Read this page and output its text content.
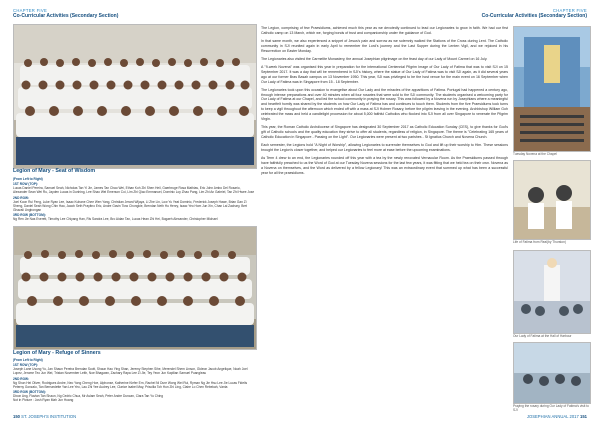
CHAPTER FIVE
Co-Curricular Activities (Secondary Section)
CHAPTER FIVE
Co-Curricular Activities (Secondary Section)
Legion of Mary - Seat of Wisdom
(From Left to Right)
1ST ROW (TOP):
Lucas Daniel Pereira, Samuel Seah, Nicholas Tan Yi Jie, James Tan Chao Wei, Ethan Koh Zhi Shen Heil, Gaerbruge Rosa Mathias, Eric John Ambo Del Rosario, Alexander Sean Wei Ru, Jayden Lucas in Dunhing, Lee Shao Wei Emerson Coi, Lim Zhi Qiao Emmanuel, Dominic Loy Zhao Pang, Lim Zhi An Gabriel, Tan Zhi Hwee Jose
2ND ROW:
Joel Koon Rui Feng, Luke Ryan Lee, Isaac Kuhane Chee Wen Yang, Christian Jerard Wijaya, Li Zhe Lin, Low Yu Yeat Dominic, Frederick Joseph Hawe, Brian Gan Zi Sheng, Daniel Seah Wong Chin Hao, Jacob Seth Prayitno Eric, Andre Gavin Tiow Chongkie, Brendan Neth Hu Henry, Isaac Yeo Hom Jun Xin, Chan Lai Zachary, Bret Ghazali Ungbongan
3RD ROW (BOTTOM):
Ng Ren Jie Nas Everett, Timothy Lee Chiyang Han, Ris Sandra Lee, Bro Aidan Tan, Lucas Hean Zhi Hei, Bogaeh Alexander, Christopher Michael
Legion of Mary - Refuge of Sinners
(From Left to Right)
1ST ROW (TOP):
Joseph Lane Usong Yu, Jan Shaun Pereira Brendan Scott, Shaun Hao Ying Shan, Jeremy Stephen Sihe, Merendel Shem Linson, Gideon Jacob Angelique, Noah Joel Lopez, Jerome Teo Jun Wei, Tristan November Leith, Noe Bhagwan, Zachary Rapa Lee Zi Jie, Tey Yeon Jun Kapilian Samuel Puangleau
2ND ROW:
Ng Shun Hei Oliver, Rodrigues Andre, Neo Yong Cheng Hoe, Alphonse, Katherine Kiefer Ern, Rachel Ni Dure Wong Wei Rui, Ryman Ng Jie Hsu Lee Jie Lucas Fidelis Peterny Gonzalo, Tan Bernardette Yan Lee Yeo, Lau Zhi Yee Audrey Lee, Clarice Isabel May, Priscilla Toh Hun Zhi Ling, Claire Lo Chen Rebekah, Vanta
3RD ROW (BOTTOM):
Dixon Ang, Flavian Tan Shaun, Ng Cedric Chua, Mr Aslam Seah, Peter Andre Duncan, Clara Tan Yu Ching
Not in Picture : Josh Ryan Mah Jun Huang

The Legion, comprising of few Praesidiums, achieved much this year as we devotedly continued to lead our Legionaries to grow in faith. We had our first Catholic camp on 13 March, which we, forging bonds of trust and companionship under the guidance of God.

In that same month, we also experienced a snippet of Jesus's pain and sorrow as we solemnly walked the Stations of the Cross during Lent. The Catholic community in SJI reunited again in early April to remember the Lord's journey and the Last Supper during the Lenten Vigil, and we rejoiced in his Resurrection on Easter Monday.

The Legionaries also visited the Carmelite Monastery, the annual Josephian pilgrimage on the feast day of our Lady of Mount Carmel on 16 July.

A "9-week Novena" was organised this year in preparation for the international Centennial Pilgrim Image of Our Lady of Fatima that was to visit SJI on 15 September 2017. It was a day that will be remembered in SJI's history, where the statue of Our Lady of Fatima was to visit SJI again, as it did several years ago at our former Bras Basah campus on 13 November 1950. This year, SJI was privileged to be the host venue for the main event on 16 September when Our Lady of Fatima was in Singapore from 15 - 18 September.

The Legionaries took upon this occasion to evangelise about Our Lady and the miracles of the apparitions of Fatima. Portugal had happened a century ago, through intense preparations and over 40 minutes when all four rosaries that were sold to the SJI community. The students organised a welcoming party for Our Lady of Fatima at our Chapel, and led the school community in praying the rosary. This was followed by a Novena run by Josephians where a meaningful and heartfelt homily was shared by the students on how Our Lady of Fatima has and continues to touch them. Students from the five Praesidiums took turns to keep a vigil throughout the afternoon which ended off with a mass at SJI Holmer Rosary, before the pilgrim leaving in the evening. Archbishop William Goh celebrated the mass and held a candlelight procession for about 5,000 faithful Catholics who flocked into SJI from all over Singapore to venerate the Pilgrim Virgin.

This year, the Roman Catholic Archdiocese of Singapore has designated 30 September 2017 as Catholic Education Sunday (CES), to give thanks for God's gift of Catholic schools and the quality education they strive to offer all students, regardless of religion, in Singapore. The theme is "Celebrating 165 years of Catholic Education in Singapore - Passing on the Light". Our Legionaries were present at two parishes - St Ignatius Church and Novena Church.

Each semester, the Legions hold "A Night of Worship", allowing Legionaries to surrender themselves to God and lift up their worship to Him. These sessions brought the Legion's closer together, and helped our Legionaries to feel more at ease before the upcoming examinations.

As Term 4 drew to an end, the Legionaries rounded off this year with a tea by the newly renovated Vernacular Room. As the Praesidiums passed through have faithfully preached to us the Word of God at our Tuesday Novena sessions for the last few years, it was fitting that we held tea on their own. Novena as a Novena on themselves, and the Word as delivered by a fellow Legionary! This was an extraordinary event that summed up what has been a successful year for all the praesidiums.

Tuesday Novena at the Chapel
Life of Fatima from Real(by Thurston)
Our Lady of Fatima at the Hall of Harbour
Praying the rosary during Our Lady of Fatima's visit to SJI
150 ST. JOSEPH'S INSTITUTION	JOSEPHIAN ANNUAL 2017 151
